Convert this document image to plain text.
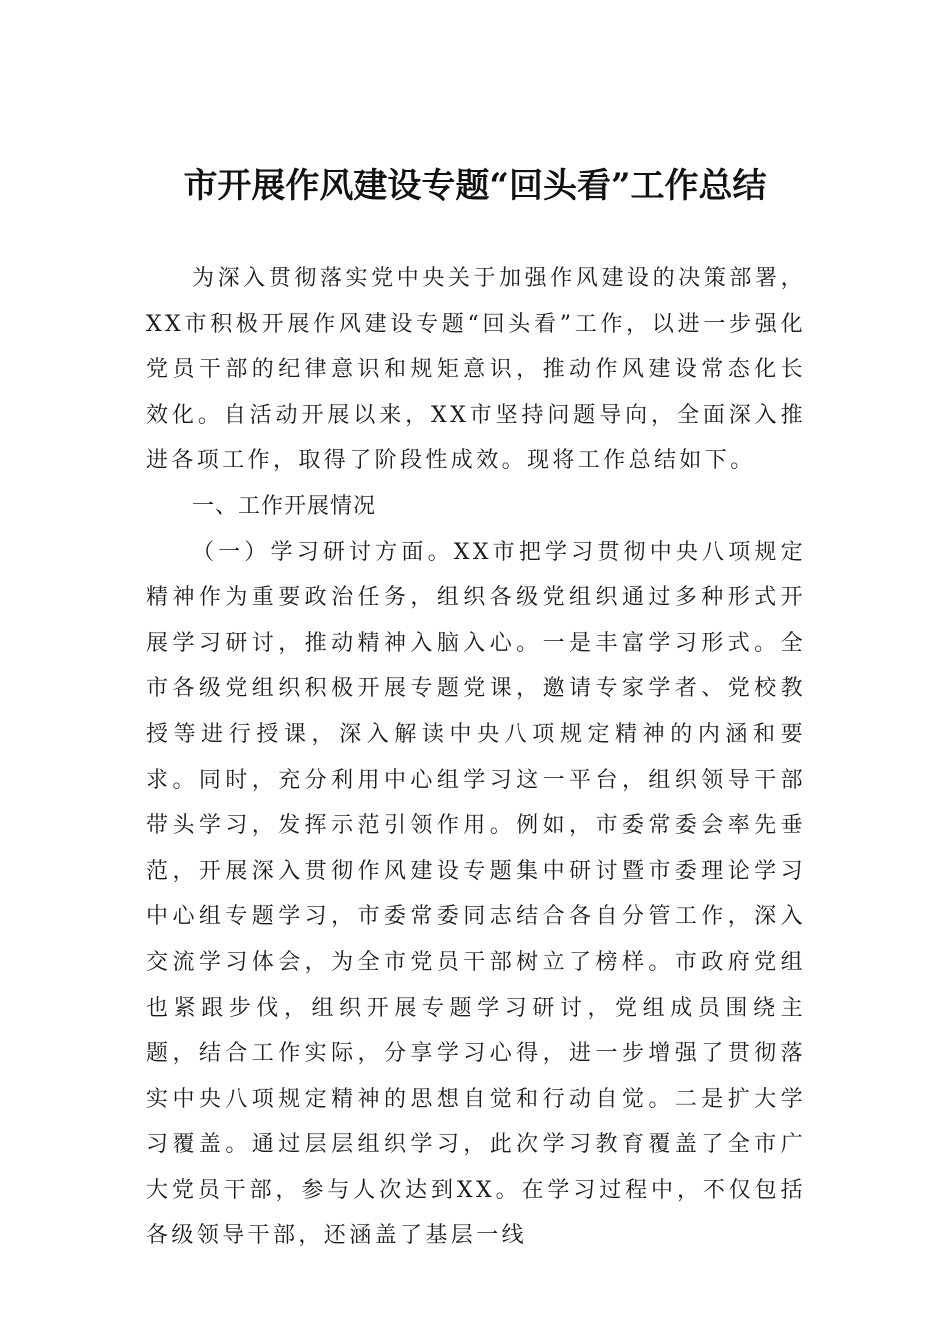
市开展作风建设专题“回头看”工作总结

为深入贯彻落实党中央关于加强作风建设的决策部署，XX市积极开展作风建设专题“回头看”工作，以进一步强化党员干部的纪律意识和规矩意识，推动作风建设常态化长效化。自活动开展以来，XX市坚持问题导向，全面深入推进各项工作，取得了阶段性成效。现将工作总结如下。

一、工作开展情况

（一）学习研讨方面。XX市把学习贯彻中央八项规定精神作为重要政治任务，组织各级党组织通过多种形式开展学习研讨，推动精神入脑入心。一是丰富学习形式。全市各级党组织积极开展专题党课，邀请专家学者、党校教授等进行授课，深入解读中央八项规定精神的内涵和要求。同时，充分利用中心组学习这一平台，组织领导干部带头学习，发挥示范引领作用。例如，市委常委会率先垂范，开展深入贯彻作风建设专题集中研讨暨市委理论学习中心组专题学习，市委常委同志结合各自分管工作，深入交流学习体会，为全市党员干部树立了榜样。市政府党组也紧跟步伐，组织开展专题学习研讨，党组成员围绕主题，结合工作实际，分享学习心得，进一步增强了贯彻落实中央八项规定精神的思想自觉和行动自觉。二是扩大学习覆盖。通过层层组织学习，此次学习教育覆盖了全市广大党员干部，参与人次达到XX。在学习过程中，不仅包括各级领导干部，还涵盖了基层一线
